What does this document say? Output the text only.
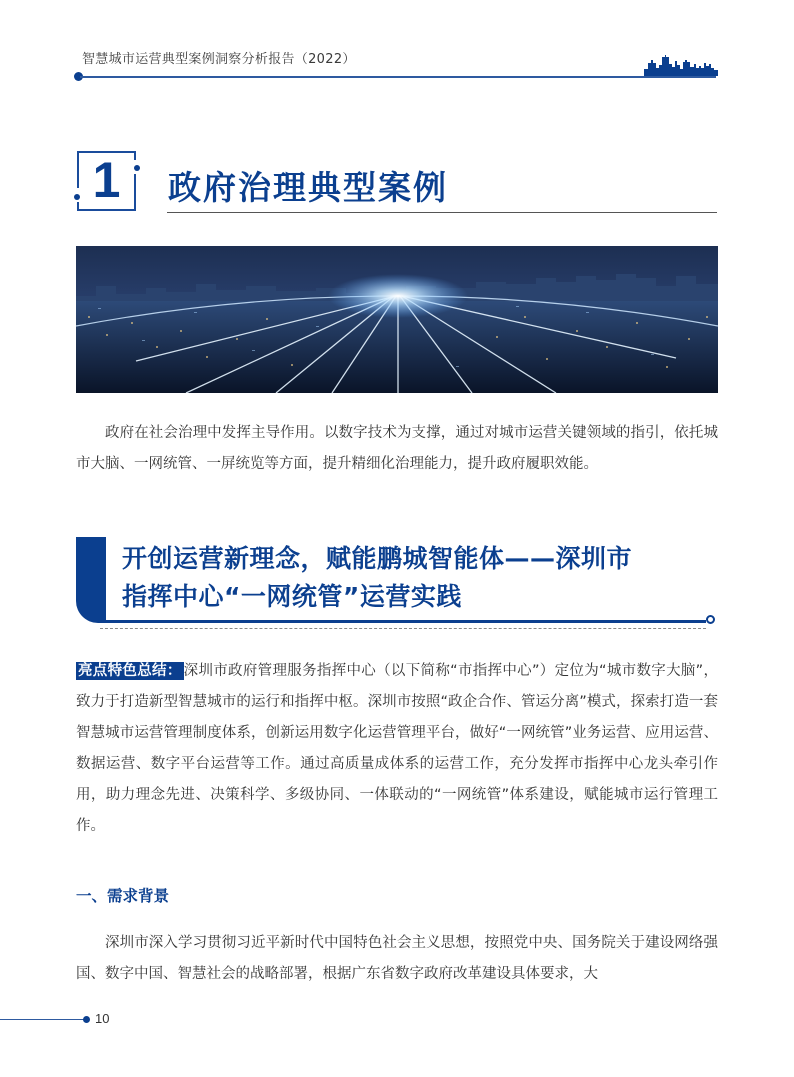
智慧城市运营典型案例洞察分析报告（2022）
1	政府治理典型案例

政府在社会治理中发挥主导作用。以数字技术为支撑，通过对城市运营关键领域的指引，依托城市大脑、一网统管、一屏统览等方面，提升精细化治理能力，提升政府履职效能。

开创运营新理念，赋能鹏城智能体——深圳市
指挥中心“一网统管”运营实践

亮点特色总结： 深圳市政府管理服务指挥中心（以下简称“市指挥中心”）定位为“城市数字大脑”，致力于打造新型智慧城市的运行和指挥中枢。深圳市按照“政企合作、管运分离”模式，探索打造一套智慧城市运营管理制度体系，创新运用数字化运营管理平台，做好“一网统管”业务运营、应用运营、数据运营、数字平台运营等工作。通过高质量成体系的运营工作，充分发挥市指挥中心龙头牵引作用，助力理念先进、决策科学、多级协同、一体联动的“一网统管”体系建设，赋能城市运行管理工作。

一、需求背景

深圳市深入学习贯彻习近平新时代中国特色社会主义思想，按照党中央、国务院关于建设网络强国、数字中国、智慧社会的战略部署，根据广东省数字政府改革建设具体要求，大

10
